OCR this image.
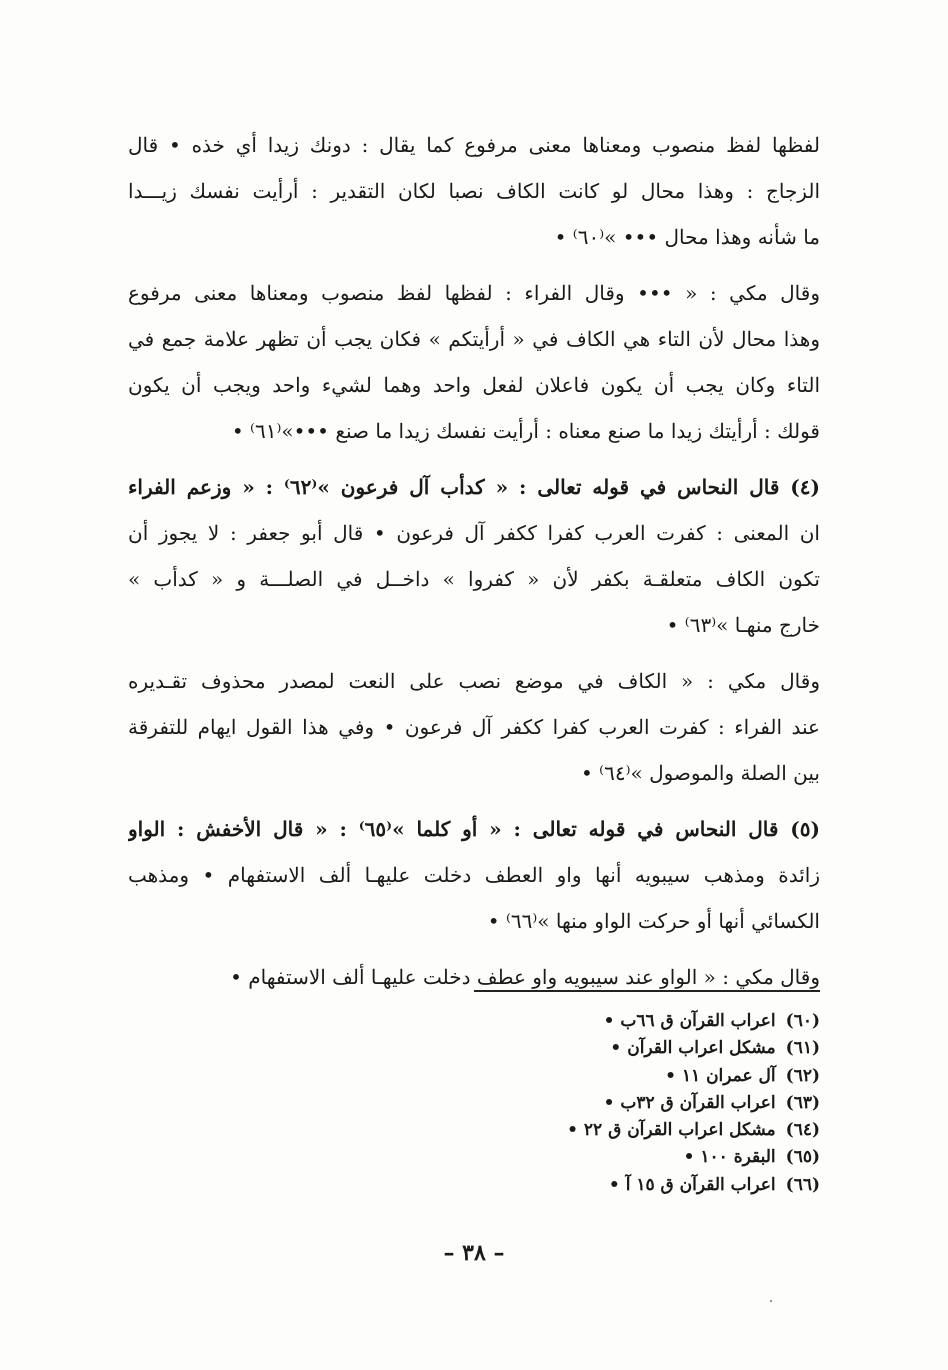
لفظها لفظ منصوب ومعناها معنى مرفوع كما يقال : دونك زيدا أي خذه • قال
الزجاج : وهذا محال لو كانت الكاف نصبا لكان التقدير : أرأيت نفسك زيـــدا
ما شأنه وهذا محال ••• »⁽٦٠⁾ •
وقال مكي : « ••• وقال الفراء : لفظها لفظ منصوب ومعناها معنى مرفوع
وهذا محال لأن التاء هي الكاف في « أرأيتكم » فكان يجب أن تظهر علامة جمع في
التاء وكان يجب أن يكون فاعلان لفعل واحد وهما لشيء واحد ويجب أن يكون
قولك : أرأيتك زيدا ما صنع معناه : أرأيت نفسك زيدا ما صنع •••»⁽٦١⁾ •
(٤) قال النحاس في قوله تعالى : « كدأب آل فرعون »⁽٦٢⁾ : « وزعم الفراء
ان المعنى : كفرت العرب كفرا ككفر آل فرعون • قال أبو جعفر : لا يجوز أن
تكون الكاف متعلقـة بكفر لأن « كفروا » داخــل في الصلـــة و « كدأب »
خارج منهـا »⁽٦٣⁾ •
وقال مكي : « الكاف في موضع نصب على النعت لمصدر محذوف تقـديره
عند الفراء : كفرت العرب كفرا ككفر آل فرعون • وفي هذا القول ايهام للتفرقة
بين الصلة والموصول »⁽٦٤⁾ •
(٥) قال النحاس في قوله تعالى : « أو كلما »⁽٦٥⁾ : « قال الأخفش : الواو
زائدة ومذهب سيبويه أنها واو العطف دخلت عليهـا ألف الاستفهام • ومذهب
الكسائي أنها أو حركت الواو منها »⁽٦٦⁾ •
وقال مكي : « الواو عند سيبويه واو عطف دخلت عليهـا ألف الاستفهام •
(٦٠)اعراب القرآن ق ٦٦ب •
(٦١)مشكل اعراب القرآن •
(٦٢)آل عمران ١١ •
(٦٣)اعراب القرآن ق ٣٢ب •
(٦٤)مشكل اعراب القرآن ق ٢٢ •
(٦٥)البقرة ١٠٠ •
(٦٦)اعراب القرآن ق ١٥ آ •
– ٣٨ –
